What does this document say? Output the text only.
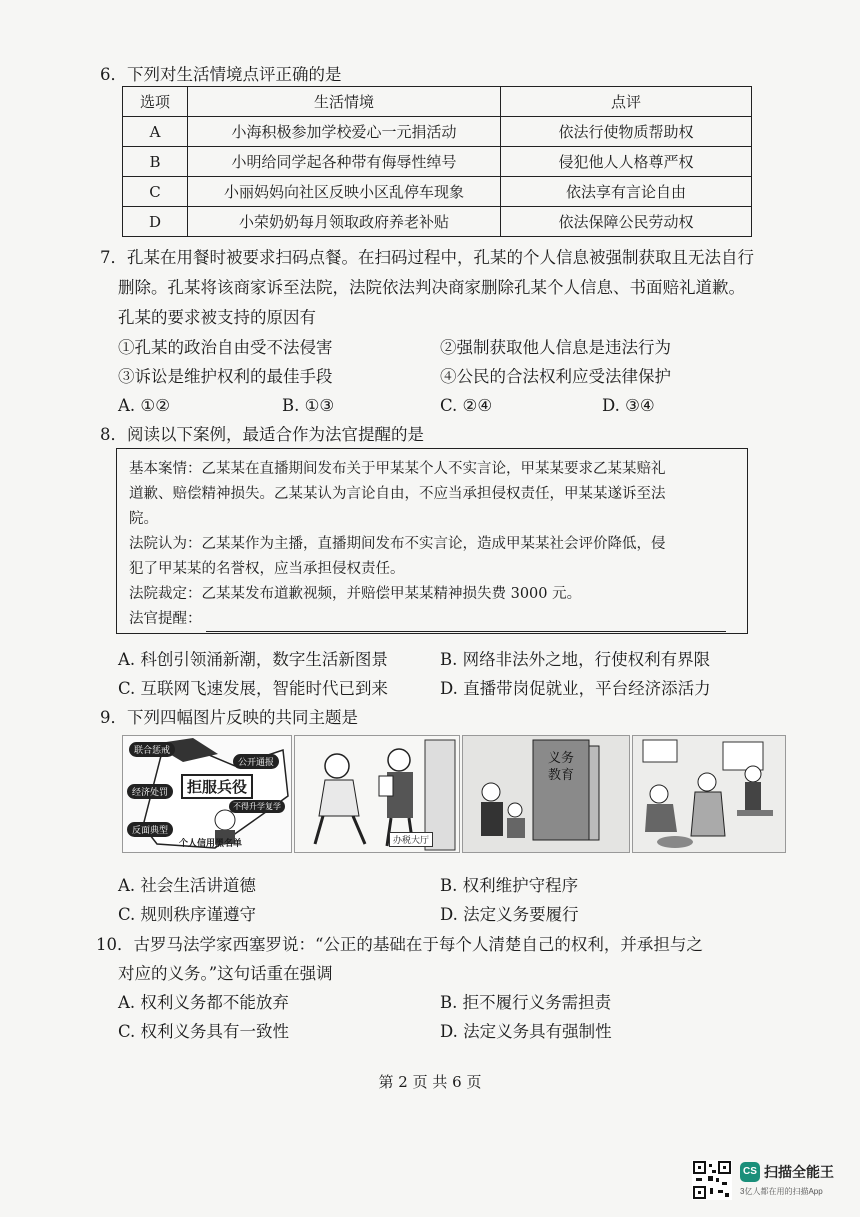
6．下列对生活情境点评正确的是
选项	生活情境	点评
A	小海积极参加学校爱心一元捐活动	依法行使物质帮助权
B	小明给同学起各种带有侮辱性绰号	侵犯他人人格尊严权
C	小丽妈妈向社区反映小区乱停车现象	依法享有言论自由
D	小荣奶奶每月领取政府养老补贴	依法保障公民劳动权
7．孔某在用餐时被要求扫码点餐。在扫码过程中，孔某的个人信息被强制获取且无法自行
删除。孔某将该商家诉至法院，法院依法判决商家删除孔某个人信息、书面赔礼道歉。
孔某的要求被支持的原因有
①孔某的政治自由受不法侵害	②强制获取他人信息是违法行为
③诉讼是维护权利的最佳手段	④公民的合法权利应受法律保护
A. ①②	B. ①③	C. ②④	D. ③④
8．阅读以下案例，最适合作为法官提醒的是
基本案情：乙某某在直播期间发布关于甲某某个人不实言论，甲某某要求乙某某赔礼
道歉、赔偿精神损失。乙某某认为言论自由，不应当承担侵权责任，甲某某遂诉至法
院。
法院认为：乙某某作为主播，直播期间发布不实言论，造成甲某某社会评价降低，侵
犯了甲某某的名誉权，应当承担侵权责任。
法院裁定：乙某某发布道歉视频，并赔偿甲某某精神损失费 3000 元。
法官提醒：
A. 科创引领涌新潮，数字生活新图景	B. 网络非法外之地，行使权利有界限
C. 互联网飞速发展，智能时代已到来	D. 直播带岗促就业，平台经济添活力
9．下列四幅图片反映的共同主题是
拒服兵役
联合惩戒
公开通报
经济处罚
不得升学复学
反面典型
个人信用黑名单	办税大厅
义务教育
A. 社会生活讲道德	B. 权利维护守程序
C. 规则秩序谨遵守	D. 法定义务要履行
10．古罗马法学家西塞罗说：“公正的基础在于每个人清楚自己的权利，并承担与之
对应的义务。”这句话重在强调
A. 权利义务都不能放弃	B. 拒不履行义务需担责
C. 权利义务具有一致性	D. 法定义务具有强制性
第 2 页 共 6 页
CS 扫描全能王
3亿人都在用的扫描App
